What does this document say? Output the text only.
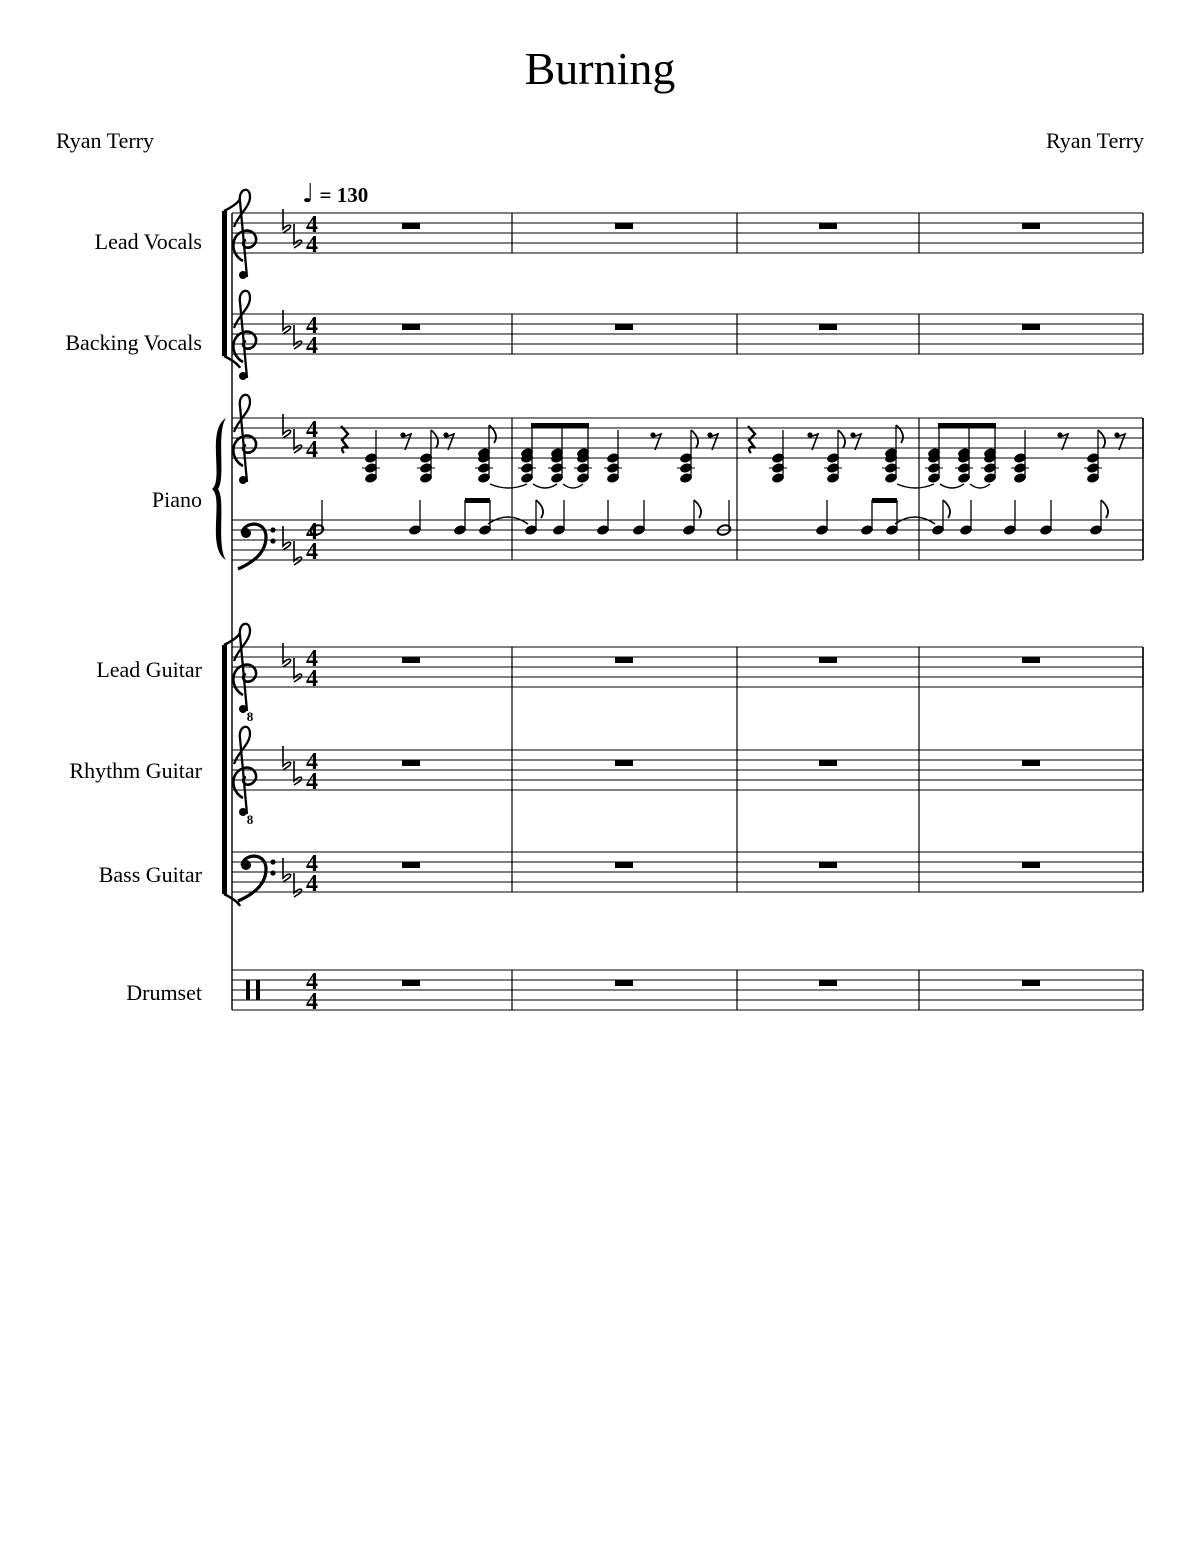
Burning
Ryan Terry	Ryan Terry
♩ = 130
Lead Vocals
Backing Vocals
Piano
Lead Guitar
Rhythm Guitar
Bass Guitar
Drumset
4
4
4
4
4
4
4
4
4
4
4
4
4
4
4
4
8
8
